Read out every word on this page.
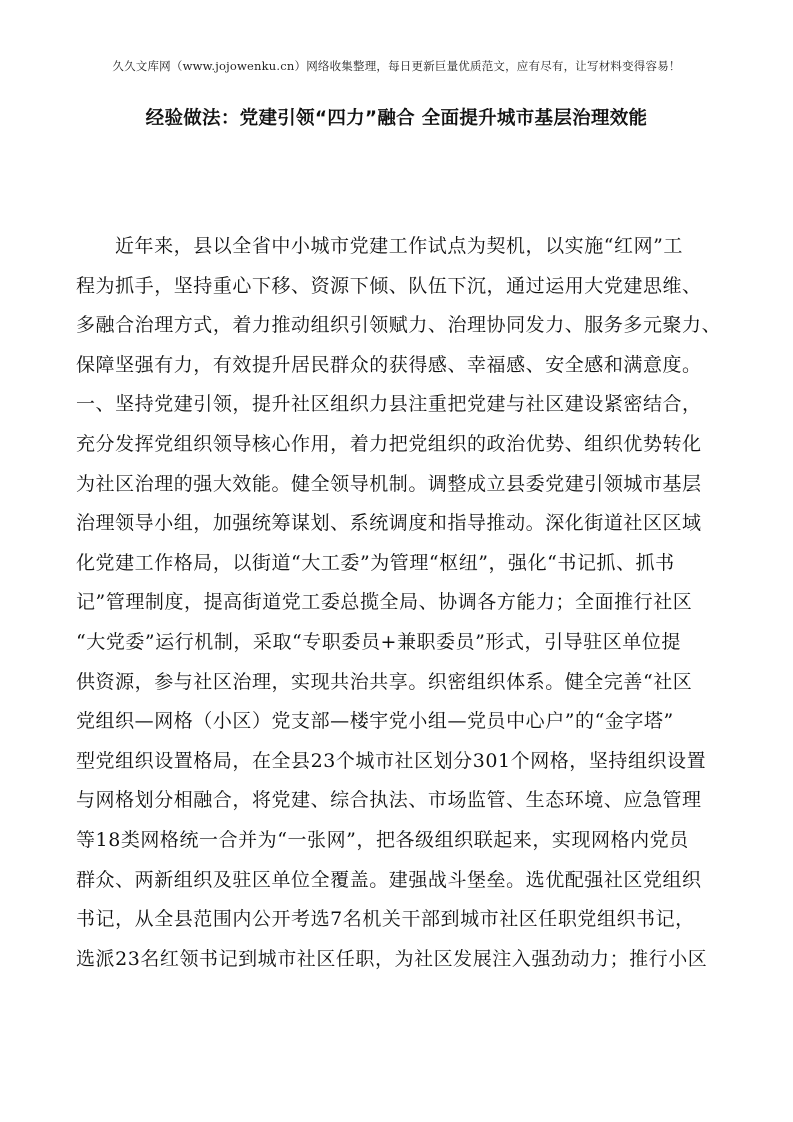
久久文库网（www.jojowenku.cn）网络收集整理，每日更新巨量优质范文，应有尽有，让写材料变得容易！
经验做法：党建引领“四力”融合 全面提升城市基层治理效能
近年来，县以全省中小城市党建工作试点为契机，以实施“红网”工
程为抓手，坚持重心下移、资源下倾、队伍下沉，通过运用大党建思维、
多融合治理方式，着力推动组织引领赋力、治理协同发力、服务多元聚力、
保障坚强有力，有效提升居民群众的获得感、幸福感、安全感和满意度。
一、坚持党建引领，提升社区组织力县注重把党建与社区建设紧密结合，
充分发挥党组织领导核心作用，着力把党组织的政治优势、组织优势转化
为社区治理的强大效能。健全领导机制。调整成立县委党建引领城市基层
治理领导小组，加强统筹谋划、系统调度和指导推动。深化街道社区区域
化党建工作格局，以街道“大工委”为管理“枢纽”，强化“书记抓、抓书
记”管理制度，提高街道党工委总揽全局、协调各方能力；全面推行社区
“大党委”运行机制，采取“专职委员+兼职委员”形式，引导驻区单位提
供资源，参与社区治理，实现共治共享。织密组织体系。健全完善“社区
党组织—网格（小区）党支部—楼宇党小组—党员中心户”的“金字塔”
型党组织设置格局，在全县23个城市社区划分301个网格，坚持组织设置
与网格划分相融合，将党建、综合执法、市场监管、生态环境、应急管理
等18类网格统一合并为“一张网”，把各级组织联起来，实现网格内党员
群众、两新组织及驻区单位全覆盖。建强战斗堡垒。选优配强社区党组织
书记，从全县范围内公开考选7名机关干部到城市社区任职党组织书记，
选派23名红领书记到城市社区任职，为社区发展注入强劲动力；推行小区
